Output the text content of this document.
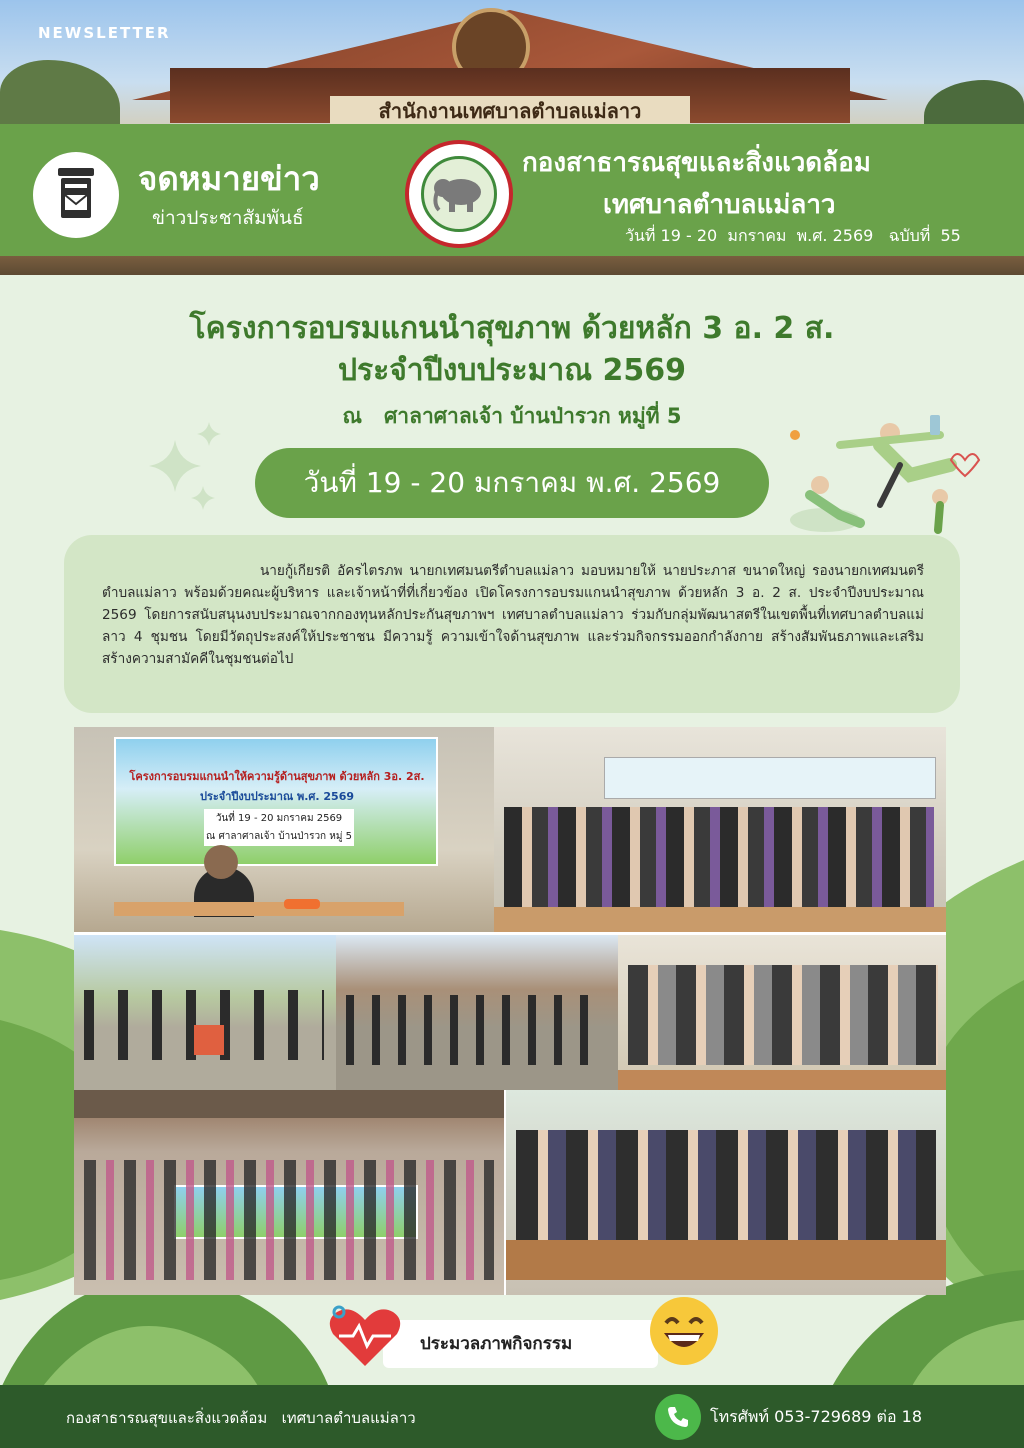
สำนักงานเทศบาลตำบลแม่ลาว
NEWSLETTER
จดหมายข่าว
ข่าวประชาสัมพันธ์
กองสาธารณสุขและสิ่งแวดล้อม
เทศบาลตำบลแม่ลาว
วันที่ 19 - 20  มกราคม  พ.ศ. 2569   ฉบับที่  55
โครงการอบรมแกนนำสุขภาพ ด้วยหลัก 3 อ. 2 ส.
ประจำปีงบประมาณ 2569
ณ   ศาลาศาลเจ้า บ้านป่ารวก หมู่ที่ 5
วันที่ 19 - 20 มกราคม พ.ศ. 2569
นายกู้เกียรติ อัครไตรภพ นายกเทศมนตรีตำบลแม่ลาว มอบหมายให้ นายประภาส ขนาดใหญ่ รองนายกเทศมนตรีตำบลแม่ลาว พร้อมด้วยคณะผู้บริหาร และเจ้าหน้าที่ที่เกี่ยวข้อง เปิดโครงการอบรมแกนนำสุขภาพ ด้วยหลัก 3 อ. 2 ส. ประจำปีงบประมาณ 2569 โดยการสนับสนุนงบประมาณจากกองทุนหลักประกันสุขภาพฯ เทศบาลตำบลแม่ลาว ร่วมกับกลุ่มพัฒนาสตรีในเขตพื้นที่เทศบาลตำบลแม่ลาว 4 ชุมชน โดยมีวัตถุประสงค์ให้ประชาชน มีความรู้ ความเข้าใจด้านสุขภาพ และร่วมกิจกรรมออกกำลังกาย สร้างสัมพันธภาพและเสริมสร้างความสามัคคีในชุมชนต่อไป
โครงการอบรมแกนนำให้ความรู้ด้านสุขภาพ ด้วยหลัก 3อ. 2ส.
ประจำปีงบประมาณ พ.ศ. 2569
วันที่ 19 - 20 มกราคม 2569
ณ ศาลาศาลเจ้า บ้านป่ารวก หมู่ 5
ประมวลภาพกิจกรรม
กองสาธารณสุขและสิ่งแวดล้อม   เทศบาลตำบลแม่ลาว	โทรศัพท์ 053-729689 ต่อ 18
